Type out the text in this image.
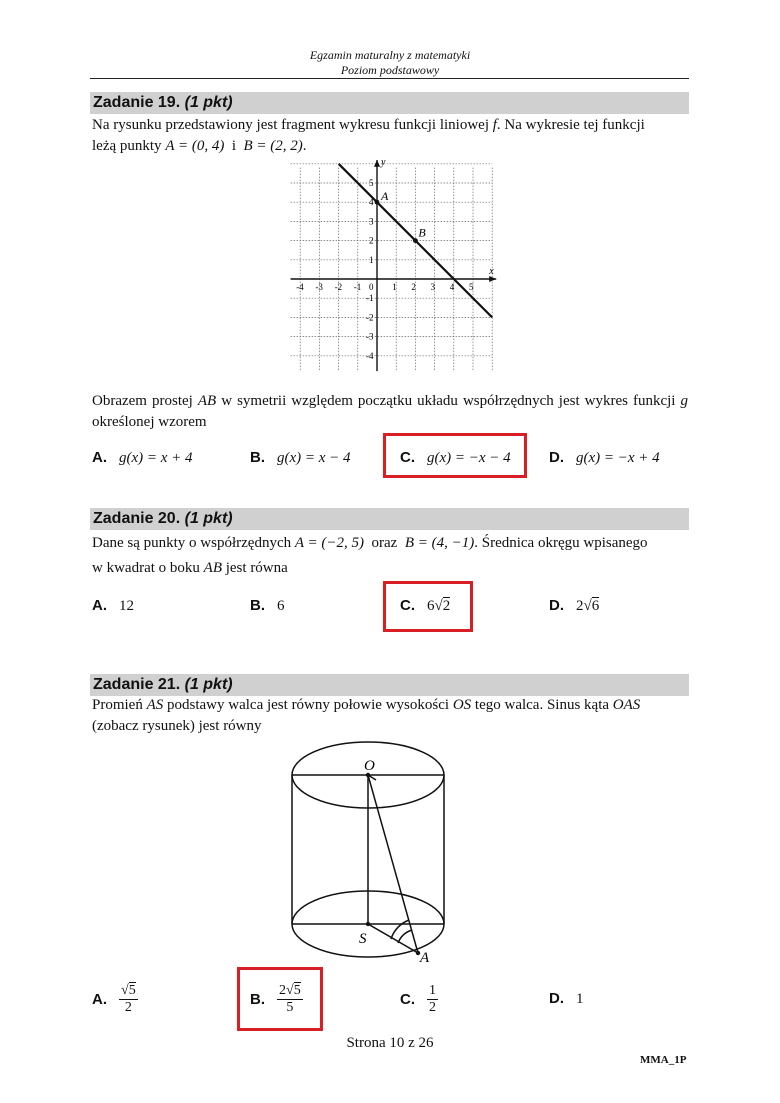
Egzamin maturalny z matematyki
Poziom podstawowy
Zadanie 19. (1 pkt)
Na rysunku przedstawiony jest fragment wykresu funkcji liniowej f. Na wykresie tej funkcji
leżą punkty A = (0, 4) i B = (2, 2).
-4 -3 -2 -1 0 1 2 3 4 5
5
4
3
2
1
-1
-2
-3
-4
x
y
A
B
Obrazem prostej AB w symetrii względem początku układu współrzędnych jest wykres funkcji g określonej wzorem
A. g(x) = x + 4	B. g(x) = x − 4	C. g(x) = −x − 4	D. g(x) = −x + 4
Zadanie 20. (1 pkt)
Dane są punkty o współrzędnych A = (−2, 5) oraz B = (4, −1). Średnica okręgu wpisanego
w kwadrat o boku AB jest równa
A. 12	B. 6	C. 6√2	D. 2√6
Zadanie 21. (1 pkt)
Promień AS podstawy walca jest równy połowie wysokości OS tego walca. Sinus kąta OAS
(zobacz rysunek) jest równy
O
S
A
A. $\frac{√5}{2}$	B. $\frac{2√5}{5}$	C. $\frac{1}{2}$	D. 1
Strona 10 z 26
MMA_1P
